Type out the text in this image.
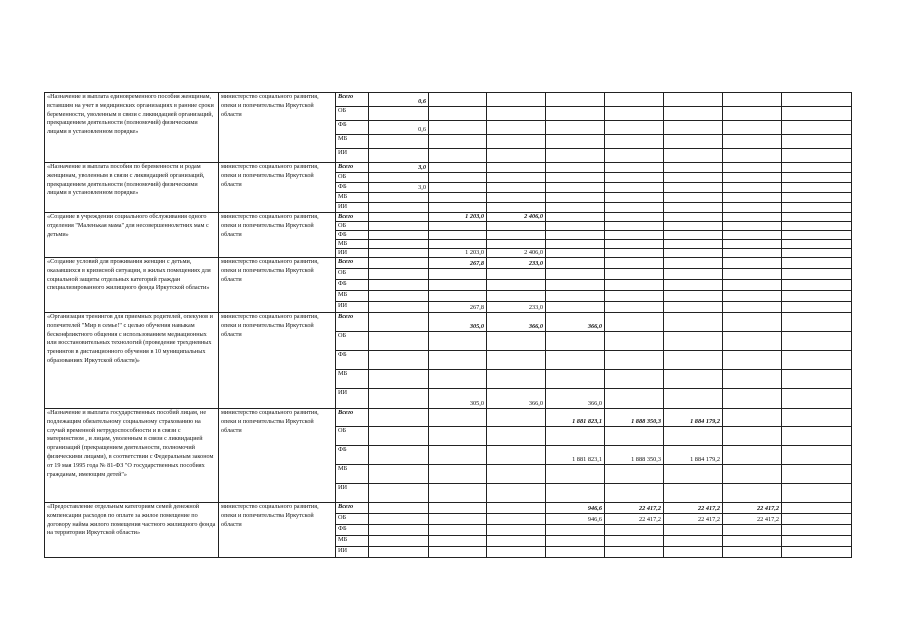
«Назначение и выплата единовременного пособия женщинам, вставшим на учет в медицинских организациях в ранние сроки беременности, уволенным в связи с ликвидацией организаций, прекращением деятельности (полномочий) физическими лицами в установленном порядке»	министерство социального развития, опеки и попечительства Иркутской области	Всего	0,6							
		ОБ								
		ФБ	0,6							
		МБ								
		ИИ								
«Назначение и выплата пособия по беременности и родам женщинам, уволенным в связи с ликвидацией организаций, прекращением деятельности (полномочий) физическими лицами в установленном порядке»	министерство социального развития, опеки и попечительства Иркутской области	Всего	3,0							
		ОБ								
		ФБ	3,0							
		МБ								
		ИИ								
«Создание в учреждении социального обслуживания одного отделения "Маленькая мама" для несовершеннолетних мам с детьми»	министерство социального развития, опеки и попечительства Иркутской области	Всего		1 203,0	2 406,0					
		ОБ								
		ФБ								
		МБ								
		ИИ		1 203,0	2 406,0					
«Создание условий для проживания женщин с детьми, оказавшихся в кризисной ситуации, в жилых помещениях для социальной защиты отдельных категорий граждан специализированного жилищного фонда Иркутской области»	министерство социального развития, опеки и попечительства Иркутской области	Всего		267,8	233,0					
		ОБ								
		ФБ								
		МБ								
		ИИ		267,8	233,0					
«Организация тренингов для приемных родителей, опекунов и попечителей "Мир в семье!" с целью обучения навыкам бесконфликтного общения с использованием медиационных или восстановительных технологий (проведение трехдневных тренингов в дистанционного обучения в 10 муниципальных образованиях Иркутской области)»	министерство социального развития, опеки и попечительства Иркутской области	Всего		305,0	366,0	366,0				
		ОБ								
		ФБ								
		МБ								
		ИИ		305,0	366,0	366,0				
«Назначение и выплата государственных пособий лицам, не подлежащим обязательному социальному страхованию на случай временной нетрудоспособности и в связи с материнством , и лицам, уволенным в связи с ликвидацией организаций (прекращением деятельности, полномочий физическими лицами), в соответствии с Федеральным законом от 19 мая 1995 года № 81-ФЗ "О государственных пособиях гражданам, имеющим детей"»	министерство социального развития, опеки и попечительства Иркутской области	Всего				1 881 823,1	1 888 350,3	1 884 179,2		
		ОБ								
		ФБ				1 881 823,1	1 888 350,3	1 884 179,2		
		МБ								
		ИИ								
«Предоставление отдельным категориям семей денежной компенсации расходов по оплате за жилое помещение по договору найма жилого помещения частного жилищного фонда на территории Иркутской области»	министерство социального развития, опеки и попечительства Иркутской области	Всего				946,6	22 417,2	22 417,2	22 417,2	
		ОБ				946,6	22 417,2	22 417,2	22 417,2	
		ФБ								
		МБ								
		ИИ								
